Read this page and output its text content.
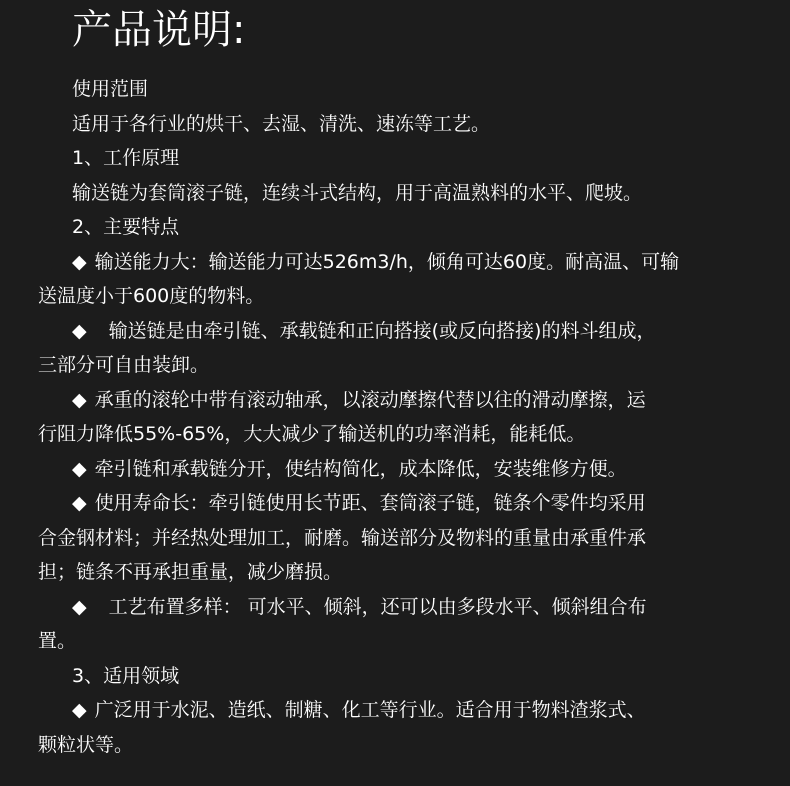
产品说明:

使用范围

适用于各行业的烘干、去湿、清洗、速冻等工艺。

1、工作原理

输送链为套筒滚子链，连续斗式结构，用于高温熟料的水平、爬坡。

2、主要特点

◆ 输送能力大：输送能力可达526m3/h，倾角可达60度。耐高温、可输
送温度小于600度的物料。

◆ 输送链是由牵引链、承载链和正向搭接(或反向搭接)的料斗组成，
三部分可自由装卸。

◆ 承重的滚轮中带有滚动轴承，以滚动摩擦代替以往的滑动摩擦，运
行阻力降低55%-65%，大大减少了输送机的功率消耗，能耗低。

◆ 牵引链和承载链分开，使结构简化，成本降低，安装维修方便。

◆ 使用寿命长：牵引链使用长节距、套筒滚子链，链条个零件均采用
合金钢材料；并经热处理加工，耐磨。输送部分及物料的重量由承重件承
担；链条不再承担重量，减少磨损。

◆ 工艺布置多样： 可水平、倾斜，还可以由多段水平、倾斜组合布
置。

3、适用领域

◆ 广泛用于水泥、造纸、制糖、化工等行业。适合用于物料渣浆式、
颗粒状等。
